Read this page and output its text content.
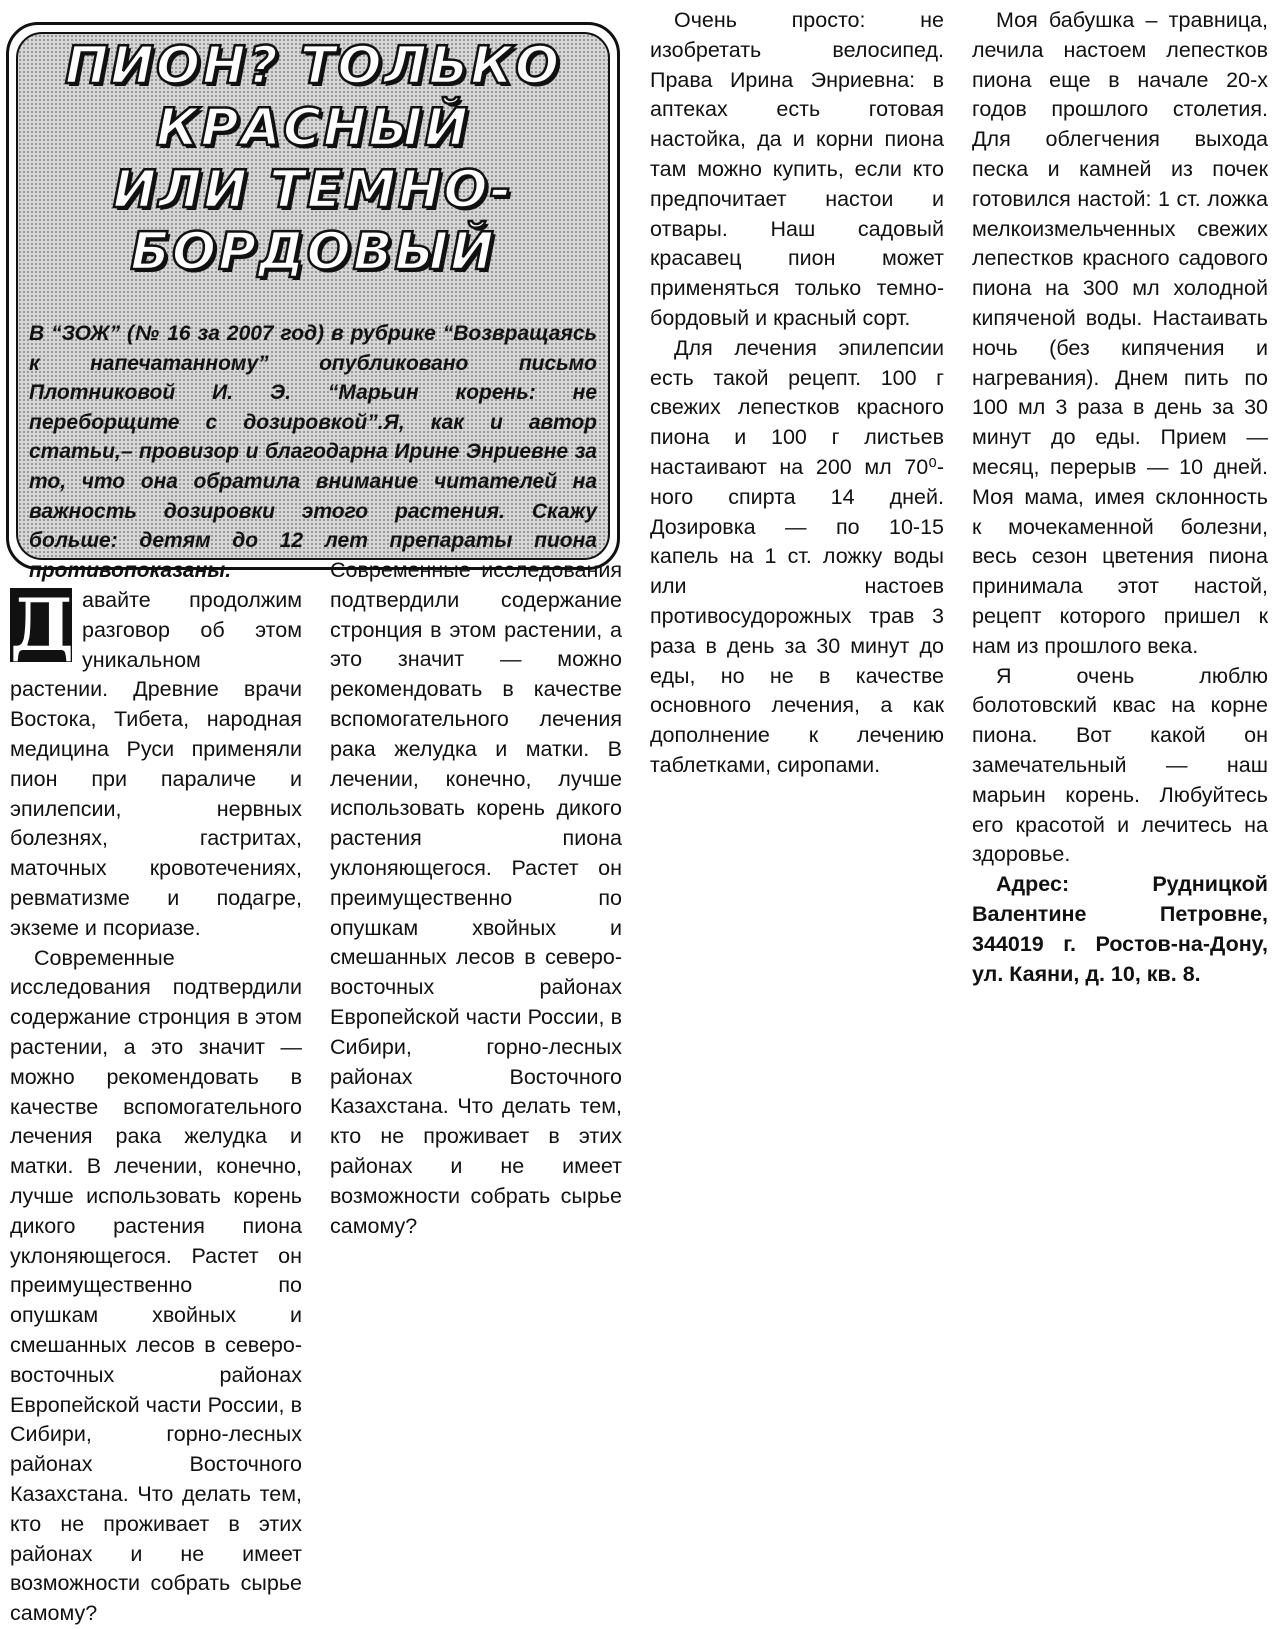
ПИОН? ТОЛЬКО
КРАСНЫЙ
ИЛИ ТЕМНО-
БОРДОВЫЙ
В “ЗОЖ” (№ 16 за 2007 год) в рубрике “Возвращаясь к напечатанному” опубликовано письмо Плотниковой И. Э. “Марьин корень: не переборщите с дозировкой”.Я, как и автор статьи,– провизор и благодарна Ирине Энриевне за то, что она обратила внимание читателей на важность дозировки этого растения. Скажу больше: детям до 12 лет препараты пиона противопоказаны.

Д авайте продолжим разговор об этом уникальном растении. Древние врачи Востока, Тибета, народная медицина Руси применяли пион при параличе и эпилепсии, нервных болезнях, гастритах, маточных кровотечениях, ревматизме и подагре, экземе и псориазе.

Современные исследования подтвердили содержание стронция в этом растении, а это значит — можно рекомендовать в качестве вспомогательного лечения рака желудка и матки. В лечении, конечно, лучше использовать корень дикого растения пиона уклоняющегося. Растет он преимущественно по опушкам хвойных и смешанных лесов в северо-восточных районах Европейской части России, в Сибири, горно-лесных районах Восточного Казахстана. Что делать тем, кто не проживает в этих районах и не имеет возможности собрать сырье самому?

Современные исследования подтвердили содержание стронция в этом растении, а это значит — можно рекомендовать в качестве вспомогательного лечения рака желудка и матки. В лечении, конечно, лучше использовать корень дикого растения пиона уклоняющегося. Растет он преимущественно по опушкам хвойных и смешанных лесов в северо-восточных районах Европейской части России, в Сибири, горно-лесных районах Восточного Казахстана. Что делать тем, кто не проживает в этих районах и не имеет возможности собрать сырье самому?

Очень просто: не изобретать велосипед. Права Ирина Энриевна: в аптеках есть готовая настойка, да и корни пиона там можно купить, если кто предпочитает настои и отвары. Наш садовый красавец пион может применяться только темно-бордовый и красный сорт.

Для лечения эпилепсии есть такой рецепт. 100 г свежих лепестков красного пиона и 100 г листьев настаивают на 200 мл 70⁰-ного спирта 14 дней. Дозировка — по 10-15 капель на 1 ст. ложку воды или настоев противосудорожных трав 3 раза в день за 30 минут до еды, но не в качестве основного лечения, а как дополнение к лечению таблетками, сиропами.

Моя бабушка – травница, лечила настоем лепестков пиона еще в начале 20-х годов прошлого столетия. Для облегчения выхода песка и камней из почек готовился настой: 1 ст. ложка мелкоизмельченных свежих лепестков красного садового пиона на 300 мл холодной кипяченой воды. Настаивать ночь (без кипячения и нагревания). Днем пить по 100 мл 3 раза в день за 30 минут до еды. Прием — месяц, перерыв — 10 дней. Моя мама, имея склонность к мочекаменной болезни, весь сезон цветения пиона принимала этот настой, рецепт которого пришел к нам из прошлого века.

Я очень люблю болотовский квас на корне пиона. Вот какой он замечательный — наш марьин корень. Любуйтесь его красотой и лечитесь на здоровье.

Адрес: Рудницкой Валентине Петровне, 344019 г. Ростов-на-Дону, ул. Каяни, д. 10, кв. 8.
